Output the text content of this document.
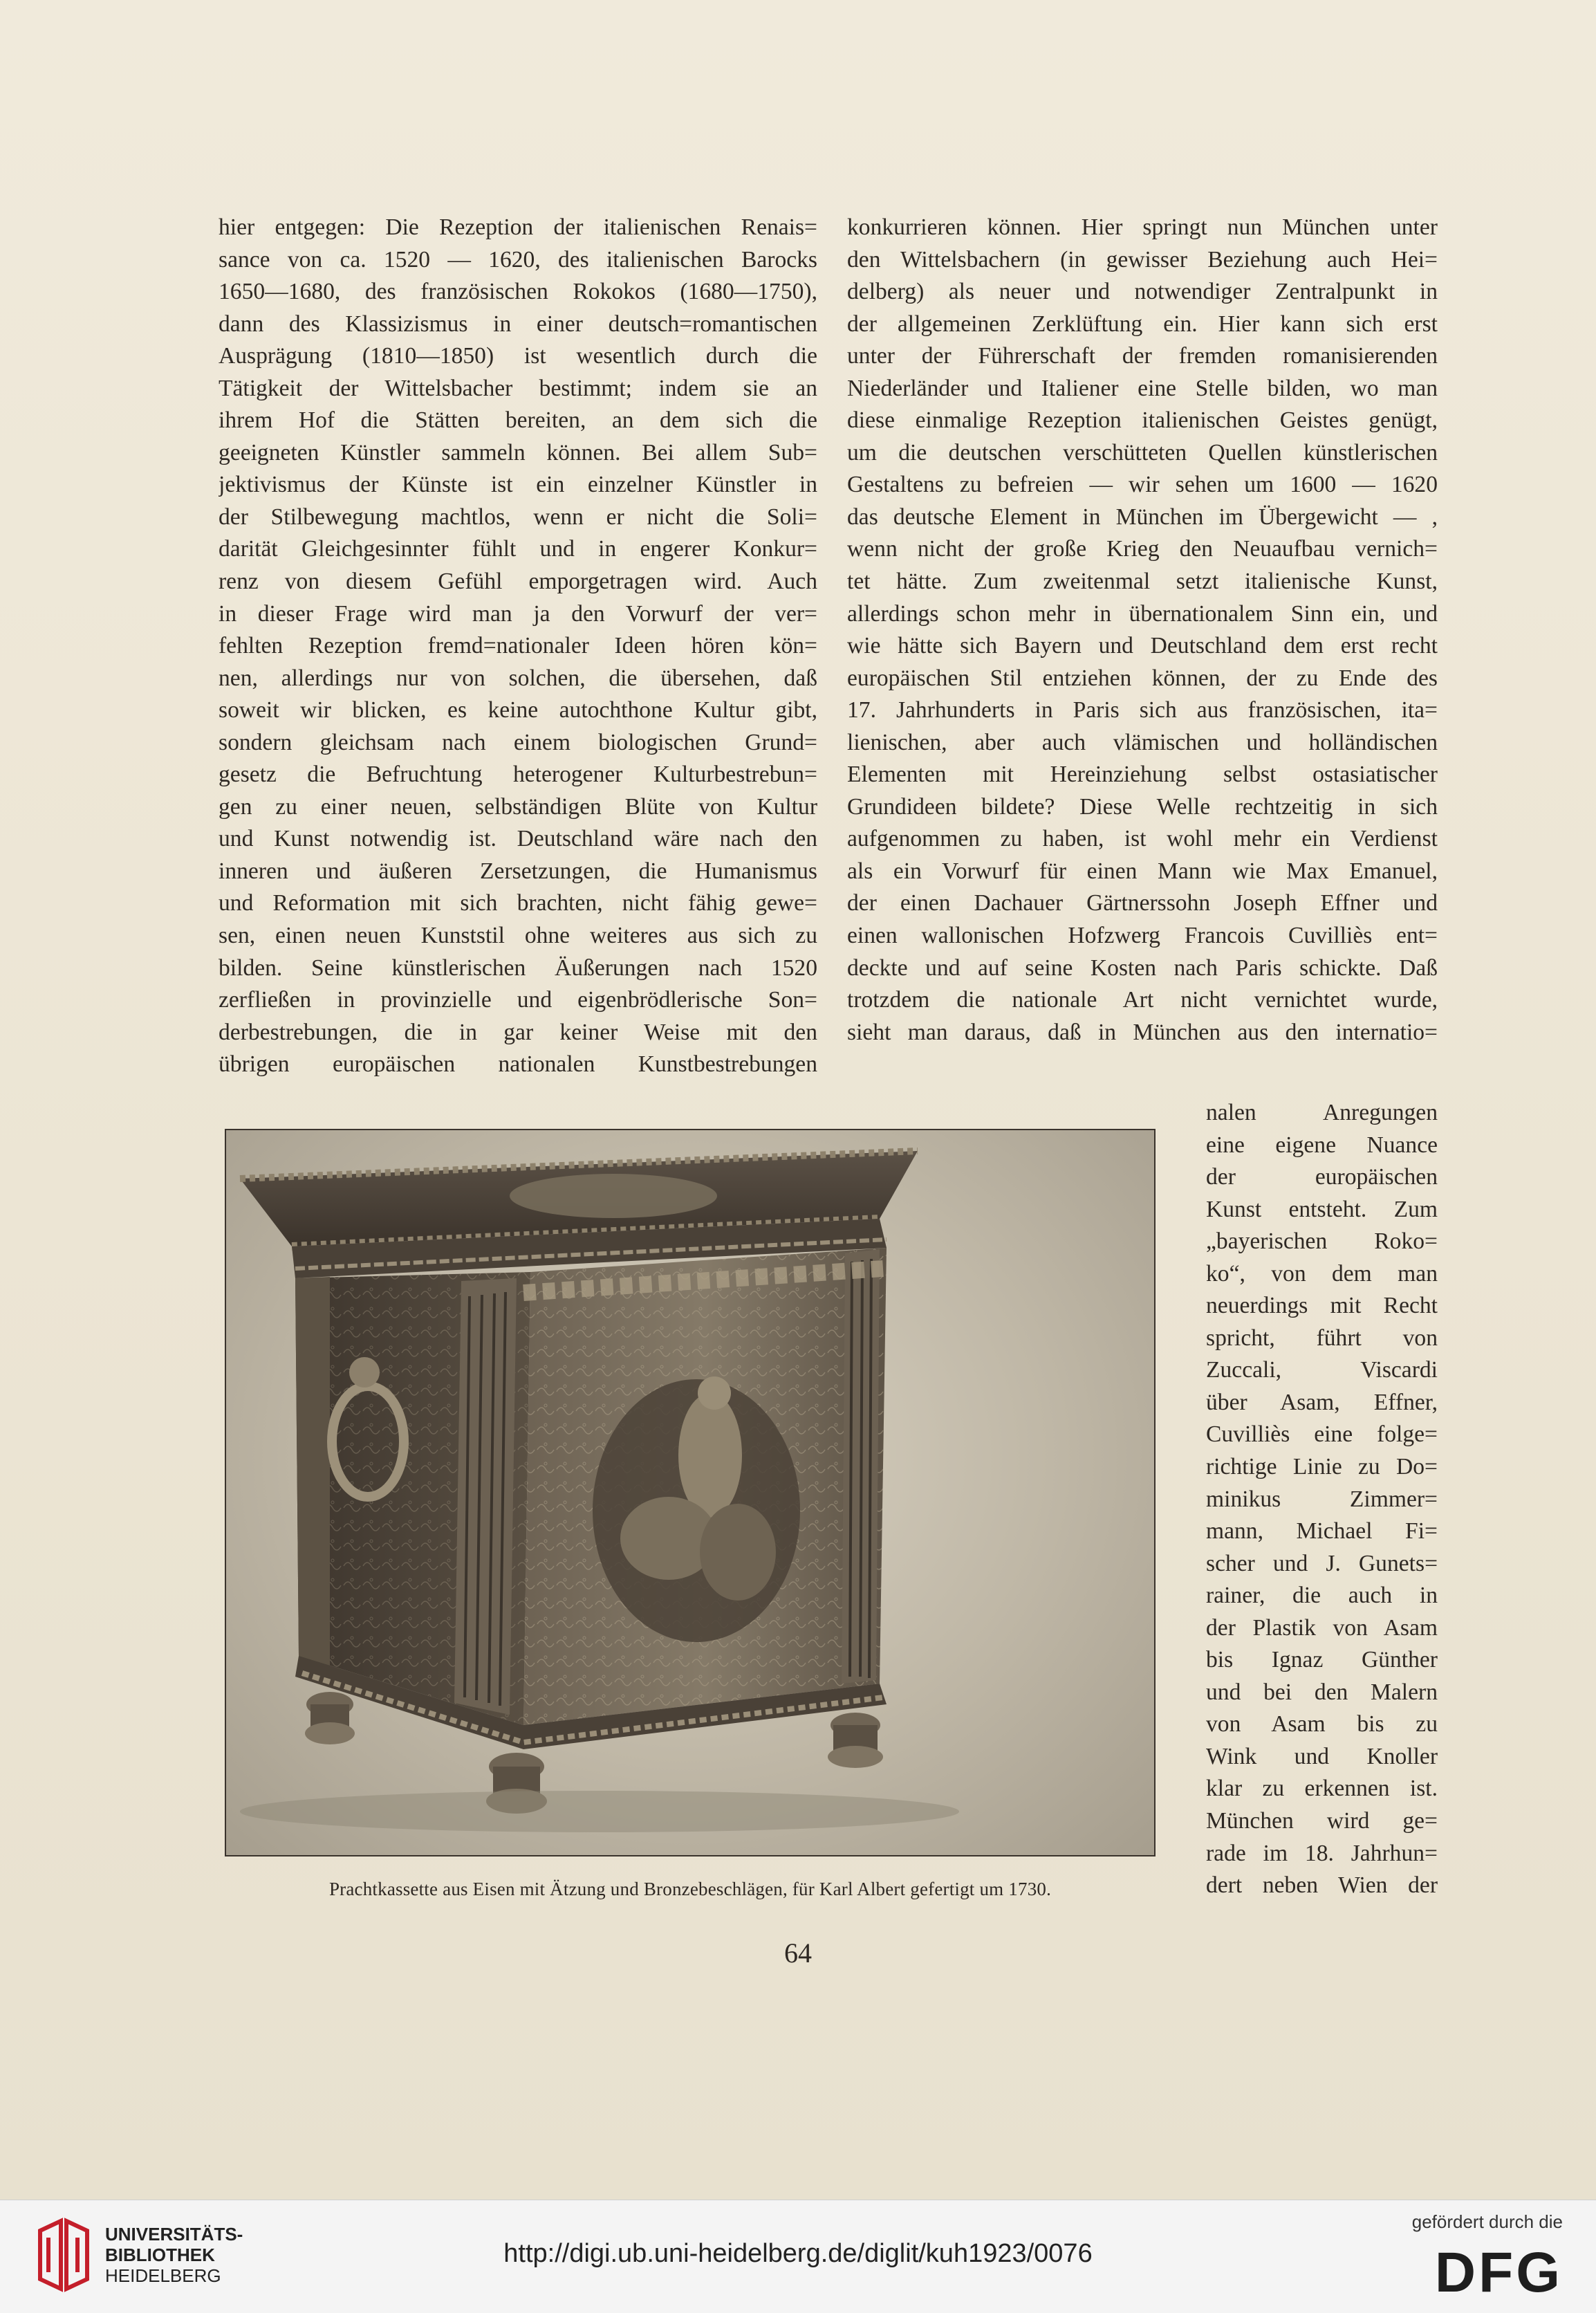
hier entgegen: Die Rezeption der italienischen Renais=
sance von ca. 1520 — 1620, des italienischen Barocks
1650—1680, des französischen Rokokos (1680—1750),
dann des Klassizismus in einer deutsch=romantischen
Ausprägung (1810—1850) ist wesentlich durch die
Tätigkeit der Wittelsbacher bestimmt; indem sie an
ihrem Hof die Stätten bereiten, an dem sich die
geeigneten Künstler sammeln können. Bei allem Sub=
jektivismus der Künste ist ein einzelner Künstler in
der Stilbewegung machtlos, wenn er nicht die Soli=
darität Gleichgesinnter fühlt und in engerer Konkur=
renz von diesem Gefühl emporgetragen wird. Auch
in dieser Frage wird man ja den Vorwurf der ver=
fehlten Rezeption fremd=nationaler Ideen hören kön=
nen, allerdings nur von solchen, die übersehen, daß
soweit wir blicken, es keine autochthone Kultur gibt,
sondern gleichsam nach einem biologischen Grund=
gesetz die Befruchtung heterogener Kulturbestrebun=
gen zu einer neuen, selbständigen Blüte von Kultur
und Kunst notwendig ist. Deutschland wäre nach den
inneren und äußeren Zersetzungen, die Humanismus
und Reformation mit sich brachten, nicht fähig gewe=
sen, einen neuen Kunststil ohne weiteres aus sich zu
bilden. Seine künstlerischen Äußerungen nach 1520
zerfließen in provinzielle und eigenbrödlerische Son=
derbestrebungen, die in gar keiner Weise mit den
übrigen europäischen nationalen Kunstbestrebungen
konkurrieren können. Hier springt nun München unter
den Wittelsbachern (in gewisser Beziehung auch Hei=
delberg) als neuer und notwendiger Zentralpunkt in
der allgemeinen Zerklüftung ein. Hier kann sich erst
unter der Führerschaft der fremden romanisierenden
Niederländer und Italiener eine Stelle bilden, wo man
diese einmalige Rezeption italienischen Geistes genügt,
um die deutschen verschütteten Quellen künstlerischen
Gestaltens zu befreien — wir sehen um 1600 — 1620
das deutsche Element in München im Übergewicht — ,
wenn nicht der große Krieg den Neuaufbau vernich=
tet hätte. Zum zweitenmal setzt italienische Kunst,
allerdings schon mehr in übernationalem Sinn ein, und
wie hätte sich Bayern und Deutschland dem erst recht
europäischen Stil entziehen können, der zu Ende des
17. Jahrhunderts in Paris sich aus französischen, ita=
lienischen, aber auch vlämischen und holländischen
Elementen mit Hereinziehung selbst ostasiatischer
Grundideen bildete? Diese Welle rechtzeitig in sich
aufgenommen zu haben, ist wohl mehr ein Verdienst
als ein Vorwurf für einen Mann wie Max Emanuel,
der einen Dachauer Gärtnerssohn Joseph Effner und
einen wallonischen Hofzwerg Francois Cuvilliès ent=
deckte und auf seine Kosten nach Paris schickte. Daß
trotzdem die nationale Art nicht vernichtet wurde,
sieht man daraus, daß in München aus den internatio=
nalen Anregungen
eine eigene Nuance
der europäischen
Kunst entsteht. Zum
„bayerischen Roko=
ko“, von dem man
neuerdings mit Recht
spricht, führt von
Zuccali, Viscardi
über Asam, Effner,
Cuvilliès eine folge=
richtige Linie zu Do=
minikus Zimmer=
mann, Michael Fi=
scher und J. Gunets=
rainer, die auch in
der Plastik von Asam
bis Ignaz Günther
und bei den Malern
von Asam bis zu
Wink und Knoller
klar zu erkennen ist.
München wird ge=
rade im 18. Jahrhun=
dert neben Wien der
Prachtkassette aus Eisen mit Ätzung und Bronzebeschlägen, für Karl Albert gefertigt um 1730.
64
UNIVERSITÄTS-
BIBLIOTHEK
HEIDELBERG
http://digi.ub.uni-heidelberg.de/diglit/kuh1923/0076
gefördert durch die
DFG
